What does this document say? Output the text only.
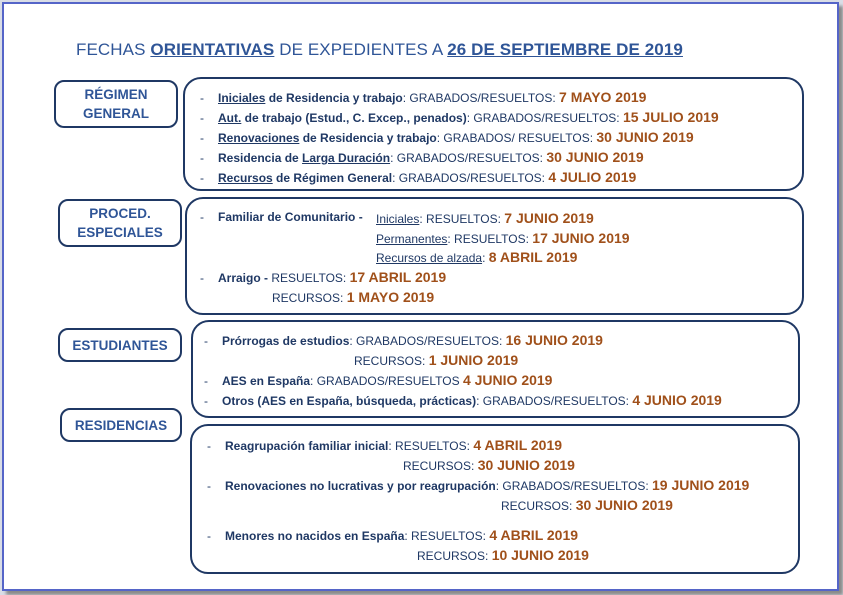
FECHAS ORIENTATIVAS DE EXPEDIENTES A 26 DE SEPTIEMBRE DE 2019
RÉGIMEN
GENERAL
- Iniciales de Residencia y trabajo: GRABADOS/RESUELTOS: 7 MAYO 2019
- Aut. de trabajo (Estud., C. Excep., penados): GRABADOS/RESUELTOS: 15 JULIO 2019
- Renovaciones de Residencia y trabajo: GRABADOS/ RESUELTOS: 30 JUNIO 2019
- Residencia de Larga Duración: GRABADOS/RESUELTOS: 30 JUNIO 2019
- Recursos de Régimen General: GRABADOS/RESUELTOS: 4 JULIO 2019
PROCED.
ESPECIALES
- Familiar de Comunitario - Iniciales: RESUELTOS: 7 JUNIO 2019
Permanentes: RESUELTOS: 17 JUNIO 2019
Recursos de alzada: 8 ABRIL 2019
- Arraigo - RESUELTOS: 17 ABRIL 2019
RECURSOS: 1 MAYO 2019
ESTUDIANTES	- Prórrogas de estudios: GRABADOS/RESUELTOS: 16 JUNIO 2019
RECURSOS: 1 JUNIO 2019
- AES en España: GRABADOS/RESUELTOS 4 JUNIO 2019
- Otros (AES en España, búsqueda, prácticas): GRABADOS/RESUELTOS: 4 JUNIO 2019
RESIDENCIAS
- Reagrupación familiar inicial: RESUELTOS: 4 ABRIL 2019
RECURSOS: 30 JUNIO 2019
- Renovaciones no lucrativas y por reagrupación: GRABADOS/RESUELTOS: 19 JUNIO 2019
RECURSOS: 30 JUNIO 2019
- Menores no nacidos en España: RESUELTOS: 4 ABRIL 2019
RECURSOS: 10 JUNIO 2019
